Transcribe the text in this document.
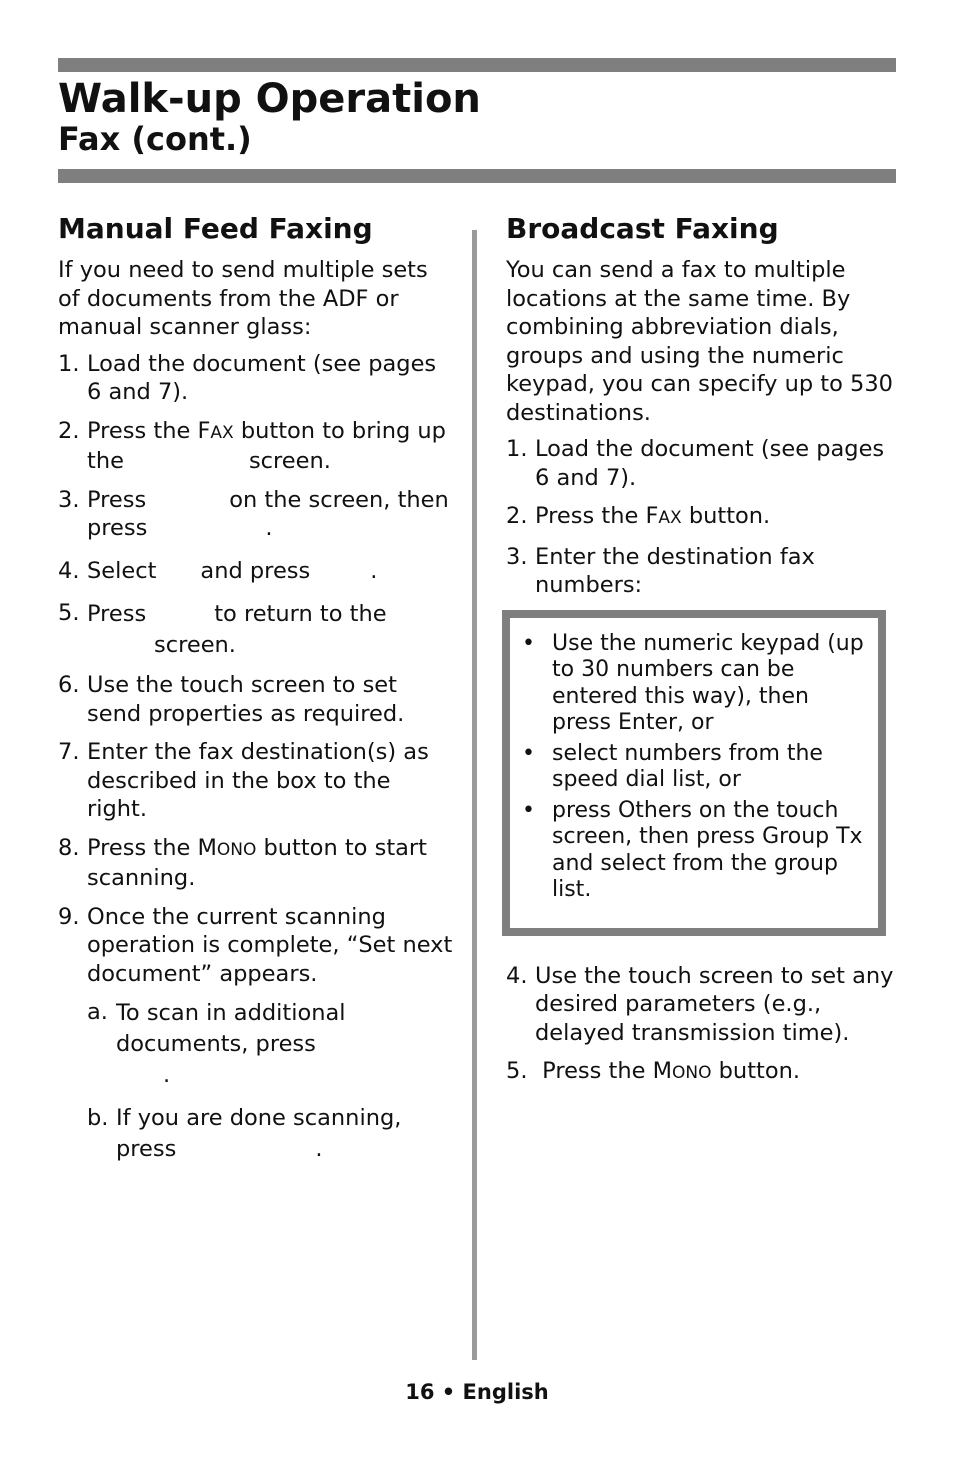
Walk-up Operation
Fax (cont.)
Manual Feed Faxing

If you need to send multiple sets of documents from the ADF or manual scanner glass:

1. Load the document (see pages 6 and 7).
2. Press the FAX button to bring up the	screen.
3. Press	on the screen, then press	.
4. Select and press	.
5. Press	to return to the
screen.
6. Use the touch screen to set send properties as required.
7. Enter the fax destination(s) as described in the box to the right.
8. Press the MONO button to start scanning.
9. Once the current scanning operation is complete, “Set next document” appears.
a. To scan in additional documents, press
.
b. If you are done scanning, press	.
Broadcast Faxing

You can send a fax to multiple locations at the same time. By combining abbreviation dials, groups and using the numeric keypad, you can specify up to 530 destinations.

1. Load the document (see pages 6 and 7).
2. Press the FAX button.
3. Enter the destination fax numbers:
• Use the numeric keypad (up to 30 numbers can be entered this way), then press Enter, or
• select numbers from the speed dial list, or
• press Others on the touch screen, then press Group Tx and select from the group list.
4. Use the touch screen to set any desired parameters (e.g., delayed transmission time).
5. Press the MONO button.
16 • English
